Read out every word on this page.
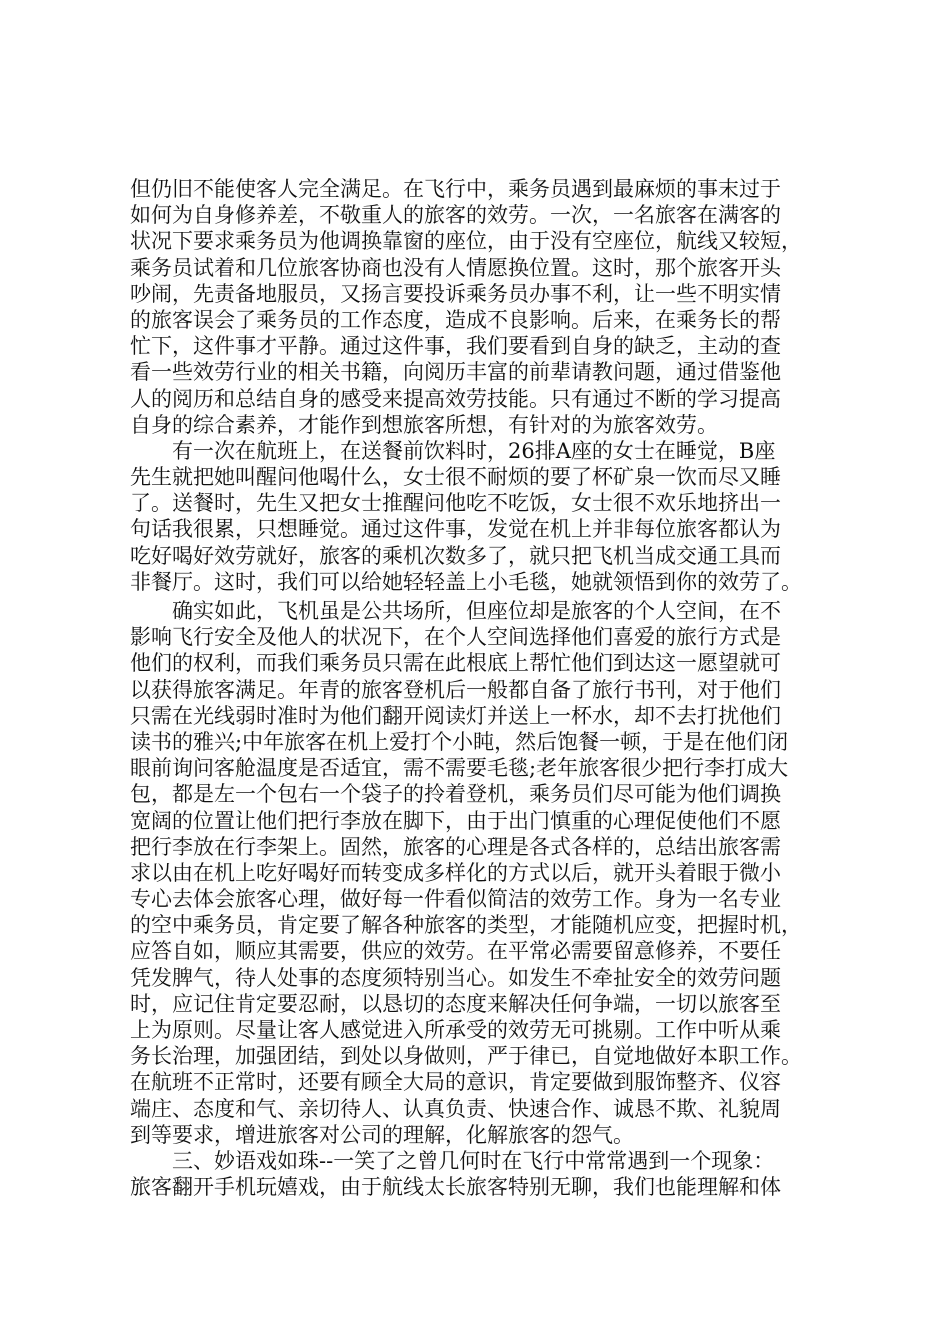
但仍旧不能使客人完全满足。在飞行中，乘务员遇到最麻烦的事末过于
如何为自身修养差，不敬重人的旅客的效劳。一次，一名旅客在满客的
状况下要求乘务员为他调换靠窗的座位，由于没有空座位，航线又较短，
乘务员试着和几位旅客协商也没有人情愿换位置。这时，那个旅客开头
吵闹，先责备地服员，又扬言要投诉乘务员办事不利，让一些不明实情
的旅客误会了乘务员的工作态度，造成不良影响。后来，在乘务长的帮
忙下，这件事才平静。通过这件事，我们要看到自身的缺乏，主动的查
看一些效劳行业的相关书籍，向阅历丰富的前辈请教问题，通过借鉴他
人的阅历和总结自身的感受来提高效劳技能。只有通过不断的学习提高
自身的综合素养，才能作到想旅客所想，有针对的为旅客效劳。
有一次在航班上，在送餐前饮料时，26排A座的女士在睡觉，B座
先生就把她叫醒问他喝什么，女士很不耐烦的要了杯矿泉一饮而尽又睡
了。送餐时，先生又把女士推醒问他吃不吃饭，女士很不欢乐地挤出一
句话我很累，只想睡觉。通过这件事，发觉在机上并非每位旅客都认为
吃好喝好效劳就好，旅客的乘机次数多了，就只把飞机当成交通工具而
非餐厅。这时，我们可以给她轻轻盖上小毛毯，她就领悟到你的效劳了。
确实如此，飞机虽是公共场所，但座位却是旅客的个人空间，在不
影响飞行安全及他人的状况下，在个人空间选择他们喜爱的旅行方式是
他们的权利，而我们乘务员只需在此根底上帮忙他们到达这一愿望就可
以获得旅客满足。年青的旅客登机后一般都自备了旅行书刊，对于他们
只需在光线弱时准时为他们翻开阅读灯并送上一杯水，却不去打扰他们
读书的雅兴;中年旅客在机上爱打个小盹，然后饱餐一顿，于是在他们闭
眼前询问客舱温度是否适宜，需不需要毛毯;老年旅客很少把行李打成大
包，都是左一个包右一个袋子的拎着登机，乘务员们尽可能为他们调换
宽阔的位置让他们把行李放在脚下，由于出门慎重的心理促使他们不愿
把行李放在行李架上。固然，旅客的心理是各式各样的，总结出旅客需
求以由在机上吃好喝好而转变成多样化的方式以后，就开头着眼于微小
专心去体会旅客心理，做好每一件看似简洁的效劳工作。身为一名专业
的空中乘务员，肯定要了解各种旅客的类型，才能随机应变，把握时机，
应答自如，顺应其需要，供应的效劳。在平常必需要留意修养，不要任
凭发脾气，待人处事的态度须特别当心。如发生不牵扯安全的效劳问题
时，应记住肯定要忍耐，以恳切的态度来解决任何争端，一切以旅客至
上为原则。尽量让客人感觉进入所承受的效劳无可挑剔。工作中听从乘
务长治理，加强团结，到处以身做则，严于律已，自觉地做好本职工作。
在航班不正常时，还要有顾全大局的意识，肯定要做到服饰整齐、仪容
端庄、态度和气、亲切待人、认真负责、快速合作、诚恳不欺、礼貌周
到等要求，增进旅客对公司的理解，化解旅客的怨气。
三、妙语戏如珠--一笑了之曾几何时在飞行中常常遇到一个现象：
旅客翻开手机玩嬉戏，由于航线太长旅客特别无聊，我们也能理解和体
